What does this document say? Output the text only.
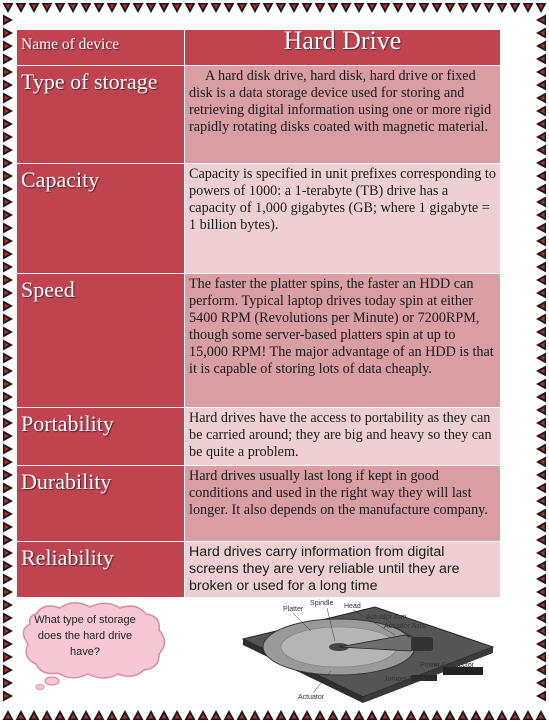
Name of device	Hard Drive
Type of storage	A hard disk drive, hard disk, hard drive or fixed disk is a data storage device used for storing and retrieving digital information using one or more rigid rapidly rotating disks coated with magnetic material.
Capacity	Capacity is specified in unit prefixes corresponding to powers of 1000: a 1-terabyte (TB) drive has a capacity of 1,000 gigabytes (GB; where 1 gigabyte = 1 billion bytes).
Speed	The faster the platter spins, the faster an HDD can perform. Typical laptop drives today spin at either 5400 RPM (Revolutions per Minute) or 7200RPM, though some server-based platters spin at up to 15,000 RPM! The major advantage of an HDD is that it is capable of storing lots of data cheaply.
Portability	Hard drives have the access to portability as they can be carried around; they are big and heavy so they can be quite a problem.
Durability	Hard drives usually last long if kept in good conditions and used in the right way they will last longer. It also depends on the manufacture company.
Reliability	Hard drives carry information from digital screens they are very reliable until they are broken or used for a long time
What type of storage does the hard drive have?
Platter
Spindle Head
Actuator Arm
Actuator Axis
Power Connector
Actuator
Jumper Block
